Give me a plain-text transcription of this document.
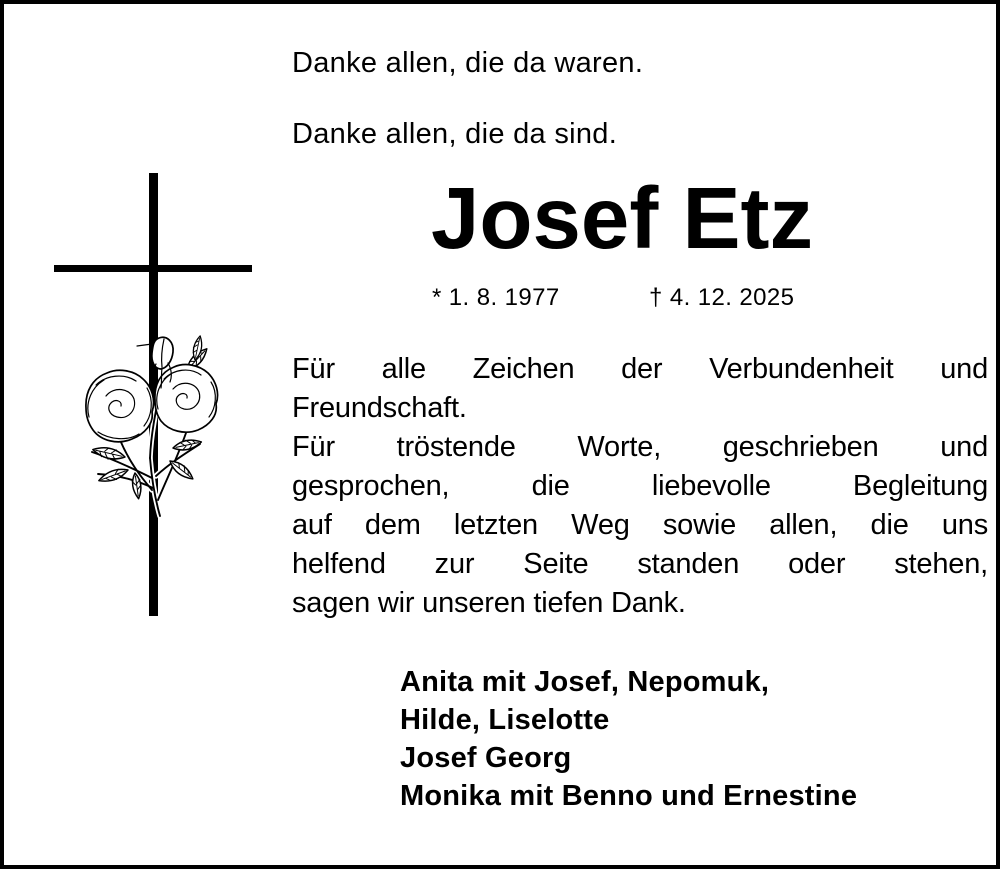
Danke allen, die da waren.
Danke allen, die da sind.
Josef Etz
* 1. 8. 1977	† 4. 12. 2025
Für alle Zeichen der Verbundenheit und
Freundschaft.
Für tröstende Worte, geschrieben und
gesprochen, die liebevolle Begleitung
auf dem letzten Weg sowie allen, die uns
helfend zur Seite standen oder stehen,
sagen wir unseren tiefen Dank.
Anita mit Josef, Nepomuk,
Hilde, Liselotte
Josef Georg
Monika mit Benno und Ernestine
